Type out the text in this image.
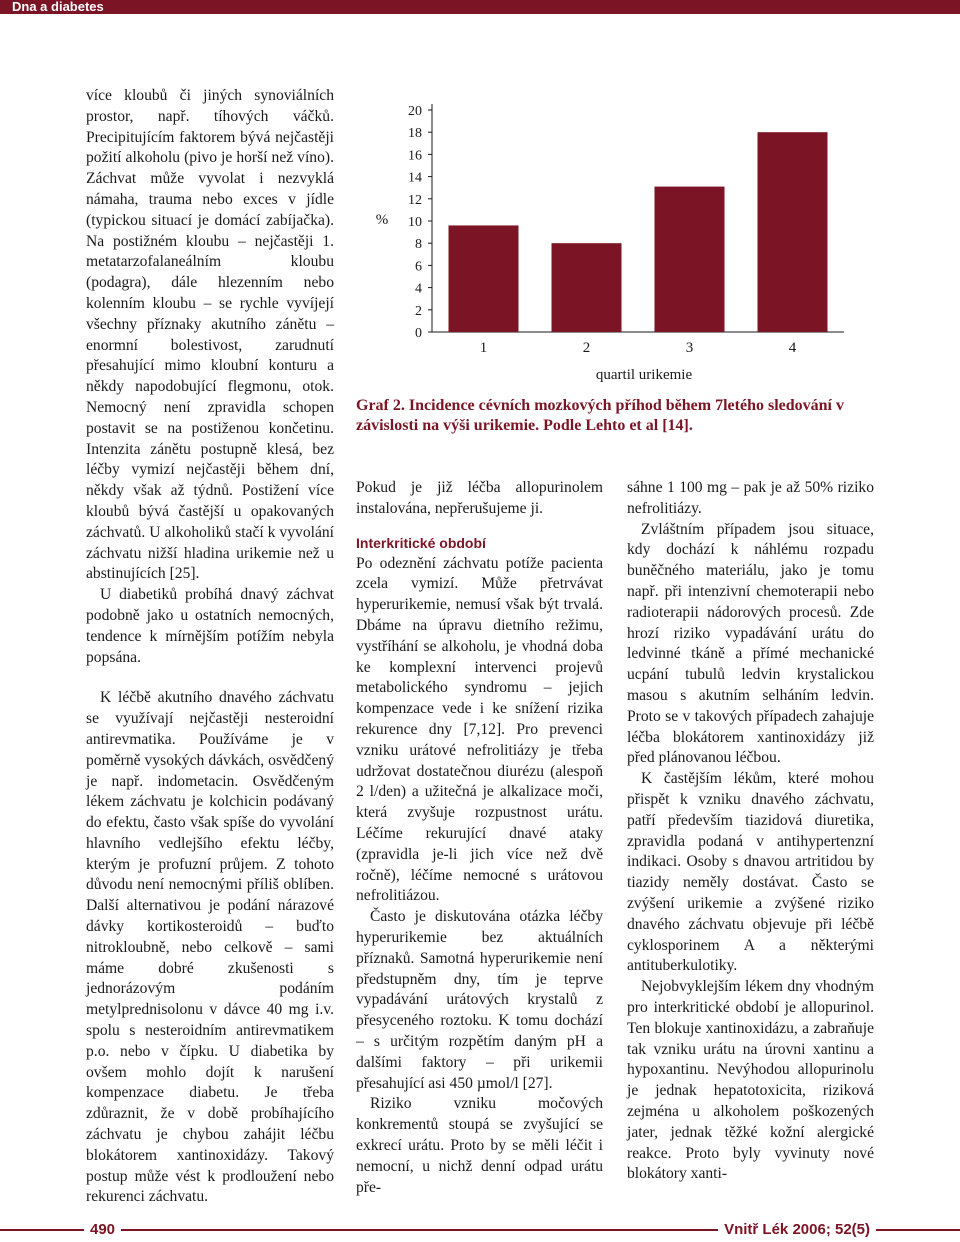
Dna a diabetes

více kloubů či jiných synoviálních prostor, např. tíhových váčků. Precipitujícím faktorem bývá nejčastěji požití alkoholu (pivo je horší než víno). Záchvat může vyvolat i nezvyklá námaha, trauma nebo exces v jídle (typickou situací je domácí zabíjačka). Na postižném kloubu – nejčastěji 1. metatarzofalaneálním kloubu (podagra), dále hlezenním nebo kolenním kloubu – se rychle vyvíjejí všechny příznaky akutního zánětu – enormní bolestivost, zarudnutí přesahující mimo kloubní konturu a někdy napodobující flegmonu, otok. Nemocný není zpravidla schopen postavit se na postiženou končetinu. Intenzita zánětu postupně klesá, bez léčby vymizí nejčastěji během dní, někdy však až týdnů. Postižení více kloubů bývá častější u opakovaných záchvatů. U alkoholiků stačí k vyvolání záchvatu nižší hladina urikemie než u abstinujících [25].

U diabetiků probíhá dnavý záchvat podobně jako u ostatních nemocných, tendence k mírnějším potížím nebyla popsána.

K léčbě akutního dnavého záchvatu se využívají nejčastěji nesteroidní antirevmatika. Používáme je v poměrně vysokých dávkách, osvědčený je např. indometacin. Osvědčeným lékem záchvatu je kolchicin podávaný do efektu, často však spíše do vyvolání hlavního vedlejšího efektu léčby, kterým je profuzní průjem. Z tohoto důvodu není nemocnými příliš oblíben. Další alternativou je podání nárazové dávky kortikosteroidů – buďto nitrokloubně, nebo celkově – sami máme dobré zkušenosti s jednorázovým podáním metylprednisolonu v dávce 40 mg i.v. spolu s nesteroidním antirevmatikem p.o. nebo v čípku. U diabetika by ovšem mohlo dojít k narušení kompenzace diabetu. Je třeba zdůraznit, že v době probíhajícího záchvatu je chybou zahájit léčbu blokátorem xantinoxidázy. Takový postup může vést k prodloužení nebo rekurenci záchvatu.

%
0
2
4
6
8
10
12
14
16
18
20
1	2	3	4
quartil urikemie
Graf 2. Incidence cévních mozkových příhod během 7letého sledování v závislosti na výši urikemie. Podle Lehto et al [14].

Pokud je již léčba allopurinolem instalována, nepřerušujeme ji.

Interkritické období

Po odeznění záchvatu potíže pacienta zcela vymizí. Může přetrvávat hyperurikemie, nemusí však být trvalá. Dbáme na úpravu dietního režimu, vystříhání se alkoholu, je vhodná doba ke komplexní intervenci projevů metabolického syndromu – jejich kompenzace vede i ke snížení rizika rekurence dny [7,12]. Pro prevenci vzniku urátové nefrolitiázy je třeba udržovat dostatečnou diurézu (alespoň 2 l/den) a užitečná je alkalizace moči, která zvyšuje rozpustnost urátu. Léčíme rekurující dnavé ataky (zpravidla je-li jich více než dvě ročně), léčíme nemocné s urátovou nefrolitiázou.

Často je diskutována otázka léčby hyperurikemie bez aktuálních příznaků. Samotná hyperurikemie není předstupněm dny, tím je teprve vypadávání urátových krystalů z přesyceného roztoku. K tomu dochází – s určitým rozpětím daným pH a dalšími faktory – při urikemii přesahující asi 450 µmol/l [27].

Riziko vzniku močových konkrementů stoupá se zvyšující se exkrecí urátu. Proto by se měli léčit i nemocní, u nichž denní odpad urátu pře-

sáhne 1 100 mg – pak je až 50% riziko nefrolitiázy.

Zvláštním případem jsou situace, kdy dochází k náhlému rozpadu buněčného materiálu, jako je tomu např. při intenzivní chemoterapii nebo radioterapii nádorových procesů. Zde hrozí riziko vypadávání urátu do ledvinné tkáně a přímé mechanické ucpání tubulů ledvin krystalickou masou s akutním selháním ledvin. Proto se v takových případech zahajuje léčba blokátorem xantinoxidázy již před plánovanou léčbou.

K častějším lékům, které mohou přispět k vzniku dnavého záchvatu, patří především tiazidová diuretika, zpravidla podaná v antihypertenzní indikaci. Osoby s dnavou artritidou by tiazidy neměly dostávat. Často se zvýšení urikemie a zvýšené riziko dnavého záchvatu objevuje při léčbě cyklosporinem A a některými antituberkulotiky.

Nejobvyklejším lékem dny vhodným pro interkritické období je allopurinol. Ten blokuje xantinoxidázu, a zabraňuje tak vzniku urátu na úrovni xantinu a hypoxantinu. Nevýhodou allopurinolu je jednak hepatotoxicita, riziková zejména u alkoholem poškozených jater, jednak těžké kožní alergické reakce. Proto byly vyvinuty nové blokátory xanti-

490	Vnitř Lék 2006; 52(5)
